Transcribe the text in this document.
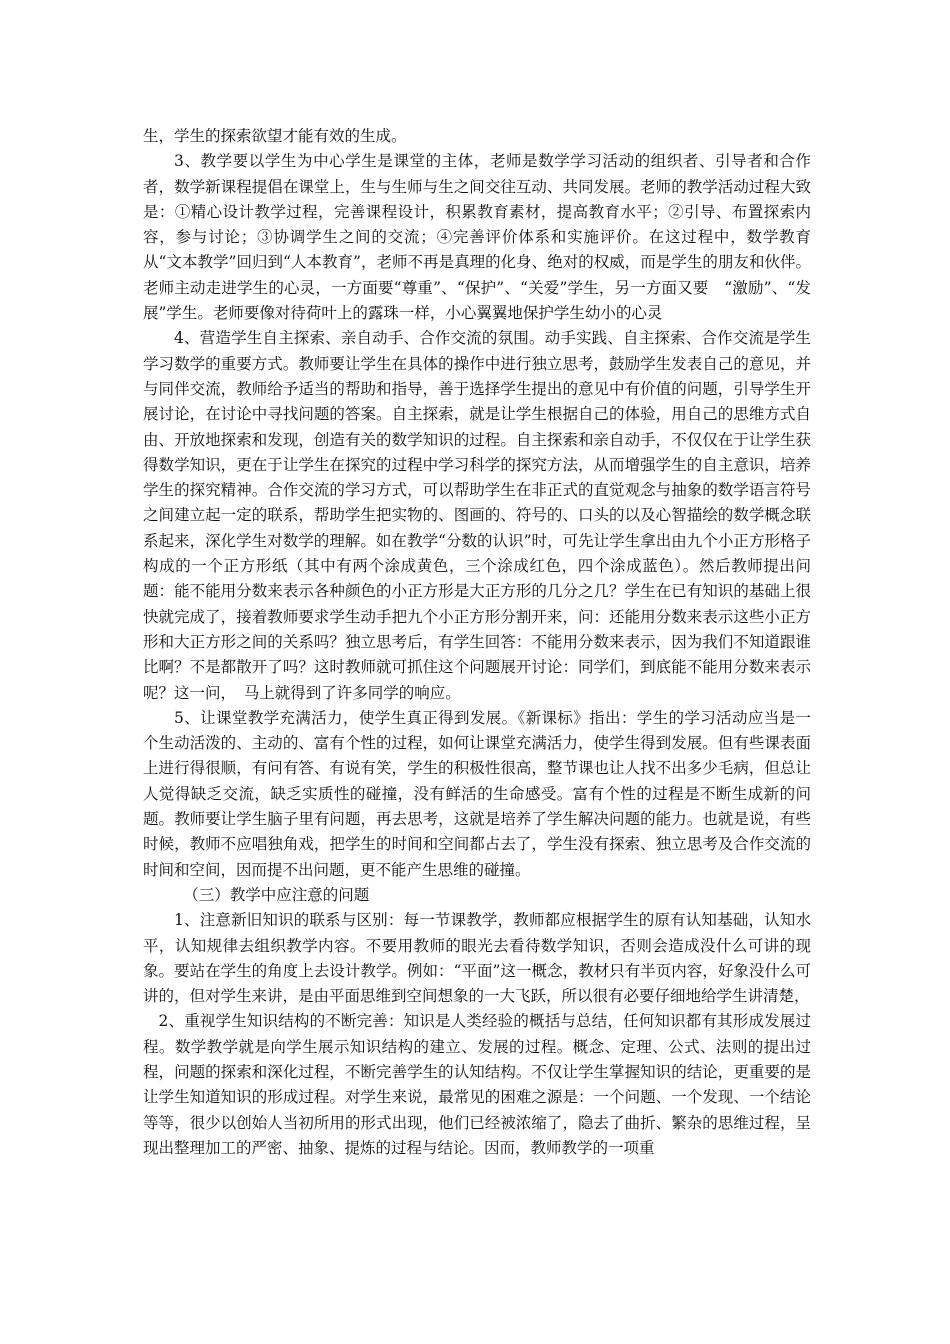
生，学生的探索欲望才能有效的生成。

3、教学要以学生为中心学生是课堂的主体，老师是数学学习活动的组织者、引导者和合作者，数学新课程提倡在课堂上，生与生师与生之间交往互动、共同发展。老师的教学活动过程大致是：①精心设计教学过程，完善课程设计，积累教育素材，提高教育水平；②引导、布置探索内容，参与讨论；③协调学生之间的交流；④完善评价体系和实施评价。在这过程中，数学教育从“文本教学”回归到“人本教育”，老师不再是真理的化身、绝对的权威，而是学生的朋友和伙伴。老师主动走进学生的心灵，一方面要“尊重”、“保护”、“关爱”学生，另一方面又要　“激励”、“发展”学生。老师要像对待荷叶上的露珠一样，小心翼翼地保护学生幼小的心灵

4、营造学生自主探索、亲自动手、合作交流的氛围。动手实践、自主探索、合作交流是学生学习数学的重要方式。教师要让学生在具体的操作中进行独立思考，鼓励学生发表自己的意见，并与同伴交流，教师给予适当的帮助和指导，善于选择学生提出的意见中有价值的问题，引导学生开展讨论，在讨论中寻找问题的答案。自主探索，就是让学生根据自己的体验，用自己的思维方式自由、开放地探索和发现，创造有关的数学知识的过程。自主探索和亲自动手，不仅仅在于让学生获得数学知识，更在于让学生在探究的过程中学习科学的探究方法，从而增强学生的自主意识，培养学生的探究精神。合作交流的学习方式，可以帮助学生在非正式的直觉观念与抽象的数学语言符号之间建立起一定的联系，帮助学生把实物的、图画的、符号的、口头的以及心智描绘的数学概念联系起来，深化学生对数学的理解。如在教学“分数的认识”时，可先让学生拿出由九个小正方形格子构成的一个正方形纸（其中有两个涂成黄色，三个涂成红色，四个涂成蓝色）。然后教师提出问题：能不能用分数来表示各种颜色的小正方形是大正方形的几分之几？学生在已有知识的基础上很快就完成了，接着教师要求学生动手把九个小正方形分割开来，问：还能用分数来表示这些小正方形和大正方形之间的关系吗？独立思考后，有学生回答：不能用分数来表示，因为我们不知道跟谁比啊？不是都散开了吗？这时教师就可抓住这个问题展开讨论：同学们，到底能不能用分数来表示呢？这一问，　马上就得到了许多同学的响应。

5、让课堂教学充满活力，使学生真正得到发展。《新课标》指出：学生的学习活动应当是一个生动活泼的、主动的、富有个性的过程，如何让课堂充满活力，使学生得到发展。但有些课表面上进行得很顺，有问有答、有说有笑，学生的积极性很高，整节课也让人找不出多少毛病，但总让人觉得缺乏交流，缺乏实质性的碰撞，没有鲜活的生命感受。富有个性的过程是不断生成新的问题。教师要让学生脑子里有问题，再去思考，这就是培养了学生解决问题的能力。也就是说，有些时候，教师不应唱独角戏，把学生的时间和空间都占去了，学生没有探索、独立思考及合作交流的时间和空间，因而提不出问题，更不能产生思维的碰撞。

（三）教学中应注意的问题

1、注意新旧知识的联系与区别：每一节课教学，教师都应根据学生的原有认知基础，认知水平，认知规律去组织教学内容。不要用教师的眼光去看待数学知识，否则会造成没什么可讲的现象。要站在学生的角度上去设计教学。例如：“平面”这一概念，教材只有半页内容，好象没什么可讲的，但对学生来讲，是由平面思维到空间想象的一大飞跃，所以很有必要仔细地给学生讲清楚，

2、重视学生知识结构的不断完善：知识是人类经验的概括与总结，任何知识都有其形成发展过程。数学教学就是向学生展示知识结构的建立、发展的过程。概念、定理、公式、法则的提出过程，问题的探索和深化过程，不断完善学生的认知结构。不仅让学生掌握知识的结论，更重要的是让学生知道知识的形成过程。对学生来说，最常见的困难之源是：一个问题、一个发现、一个结论等等，很少以创始人当初所用的形式出现，他们已经被浓缩了，隐去了曲折、繁杂的思维过程，呈现出整理加工的严密、抽象、提炼的过程与结论。因而，教师教学的一项重
